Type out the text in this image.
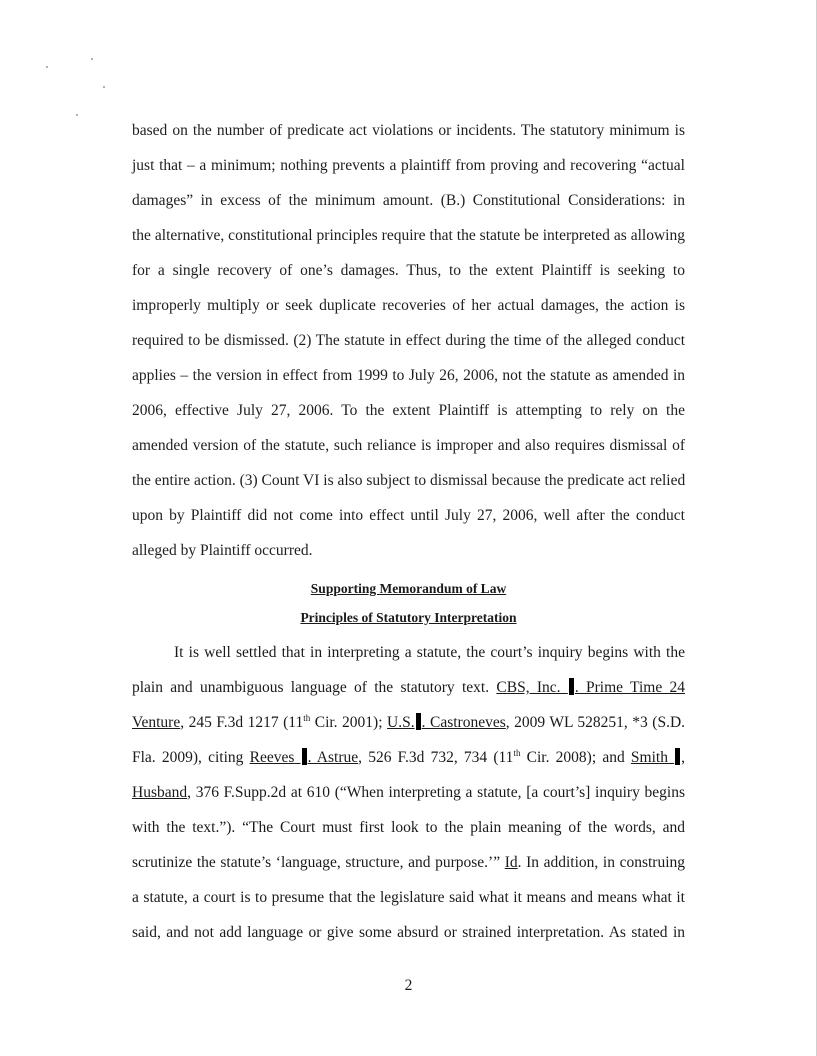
based on the number of predicate act violations or incidents. The statutory minimum is
just that – a minimum; nothing prevents a plaintiff from proving and recovering “actual
damages” in excess of the minimum amount. (B.) Constitutional Considerations: in
the alternative, constitutional principles require that the statute be interpreted as allowing
for a single recovery of one’s damages. Thus, to the extent Plaintiff is seeking to
improperly multiply or seek duplicate recoveries of her actual damages, the action is
required to be dismissed. (2) The statute in effect during the time of the alleged conduct
applies – the version in effect from 1999 to July 26, 2006, not the statute as amended in
2006, effective July 27, 2006. To the extent Plaintiff is attempting to rely on the
amended version of the statute, such reliance is improper and also requires dismissal of
the entire action. (3) Count VI is also subject to dismissal because the predicate act relied
upon by Plaintiff did not come into effect until July 27, 2006, well after the conduct
alleged by Plaintiff occurred.
Supporting Memorandum of Law
Principles of Statutory Interpretation
It is well settled that in interpreting a statute, the court’s inquiry begins with the
plain and unambiguous language of the statutory text. CBS, Inc. . Prime Time 24
Venture, 245 F.3d 1217 (11th Cir. 2001); U.S. . Castroneves, 2009 WL 528251, *3 (S.D.
Fla. 2009), citing Reeves . Astrue, 526 F.3d 732, 734 (11th Cir. 2008); and Smith ,
Husband, 376 F.Supp.2d at 610 (“When interpreting a statute, [a court’s] inquiry begins
with the text.”). “The Court must first look to the plain meaning of the words, and
scrutinize the statute’s ‘language, structure, and purpose.’” Id. In addition, in construing
a statute, a court is to presume that the legislature said what it means and means what it
said, and not add language or give some absurd or strained interpretation. As stated in
2
